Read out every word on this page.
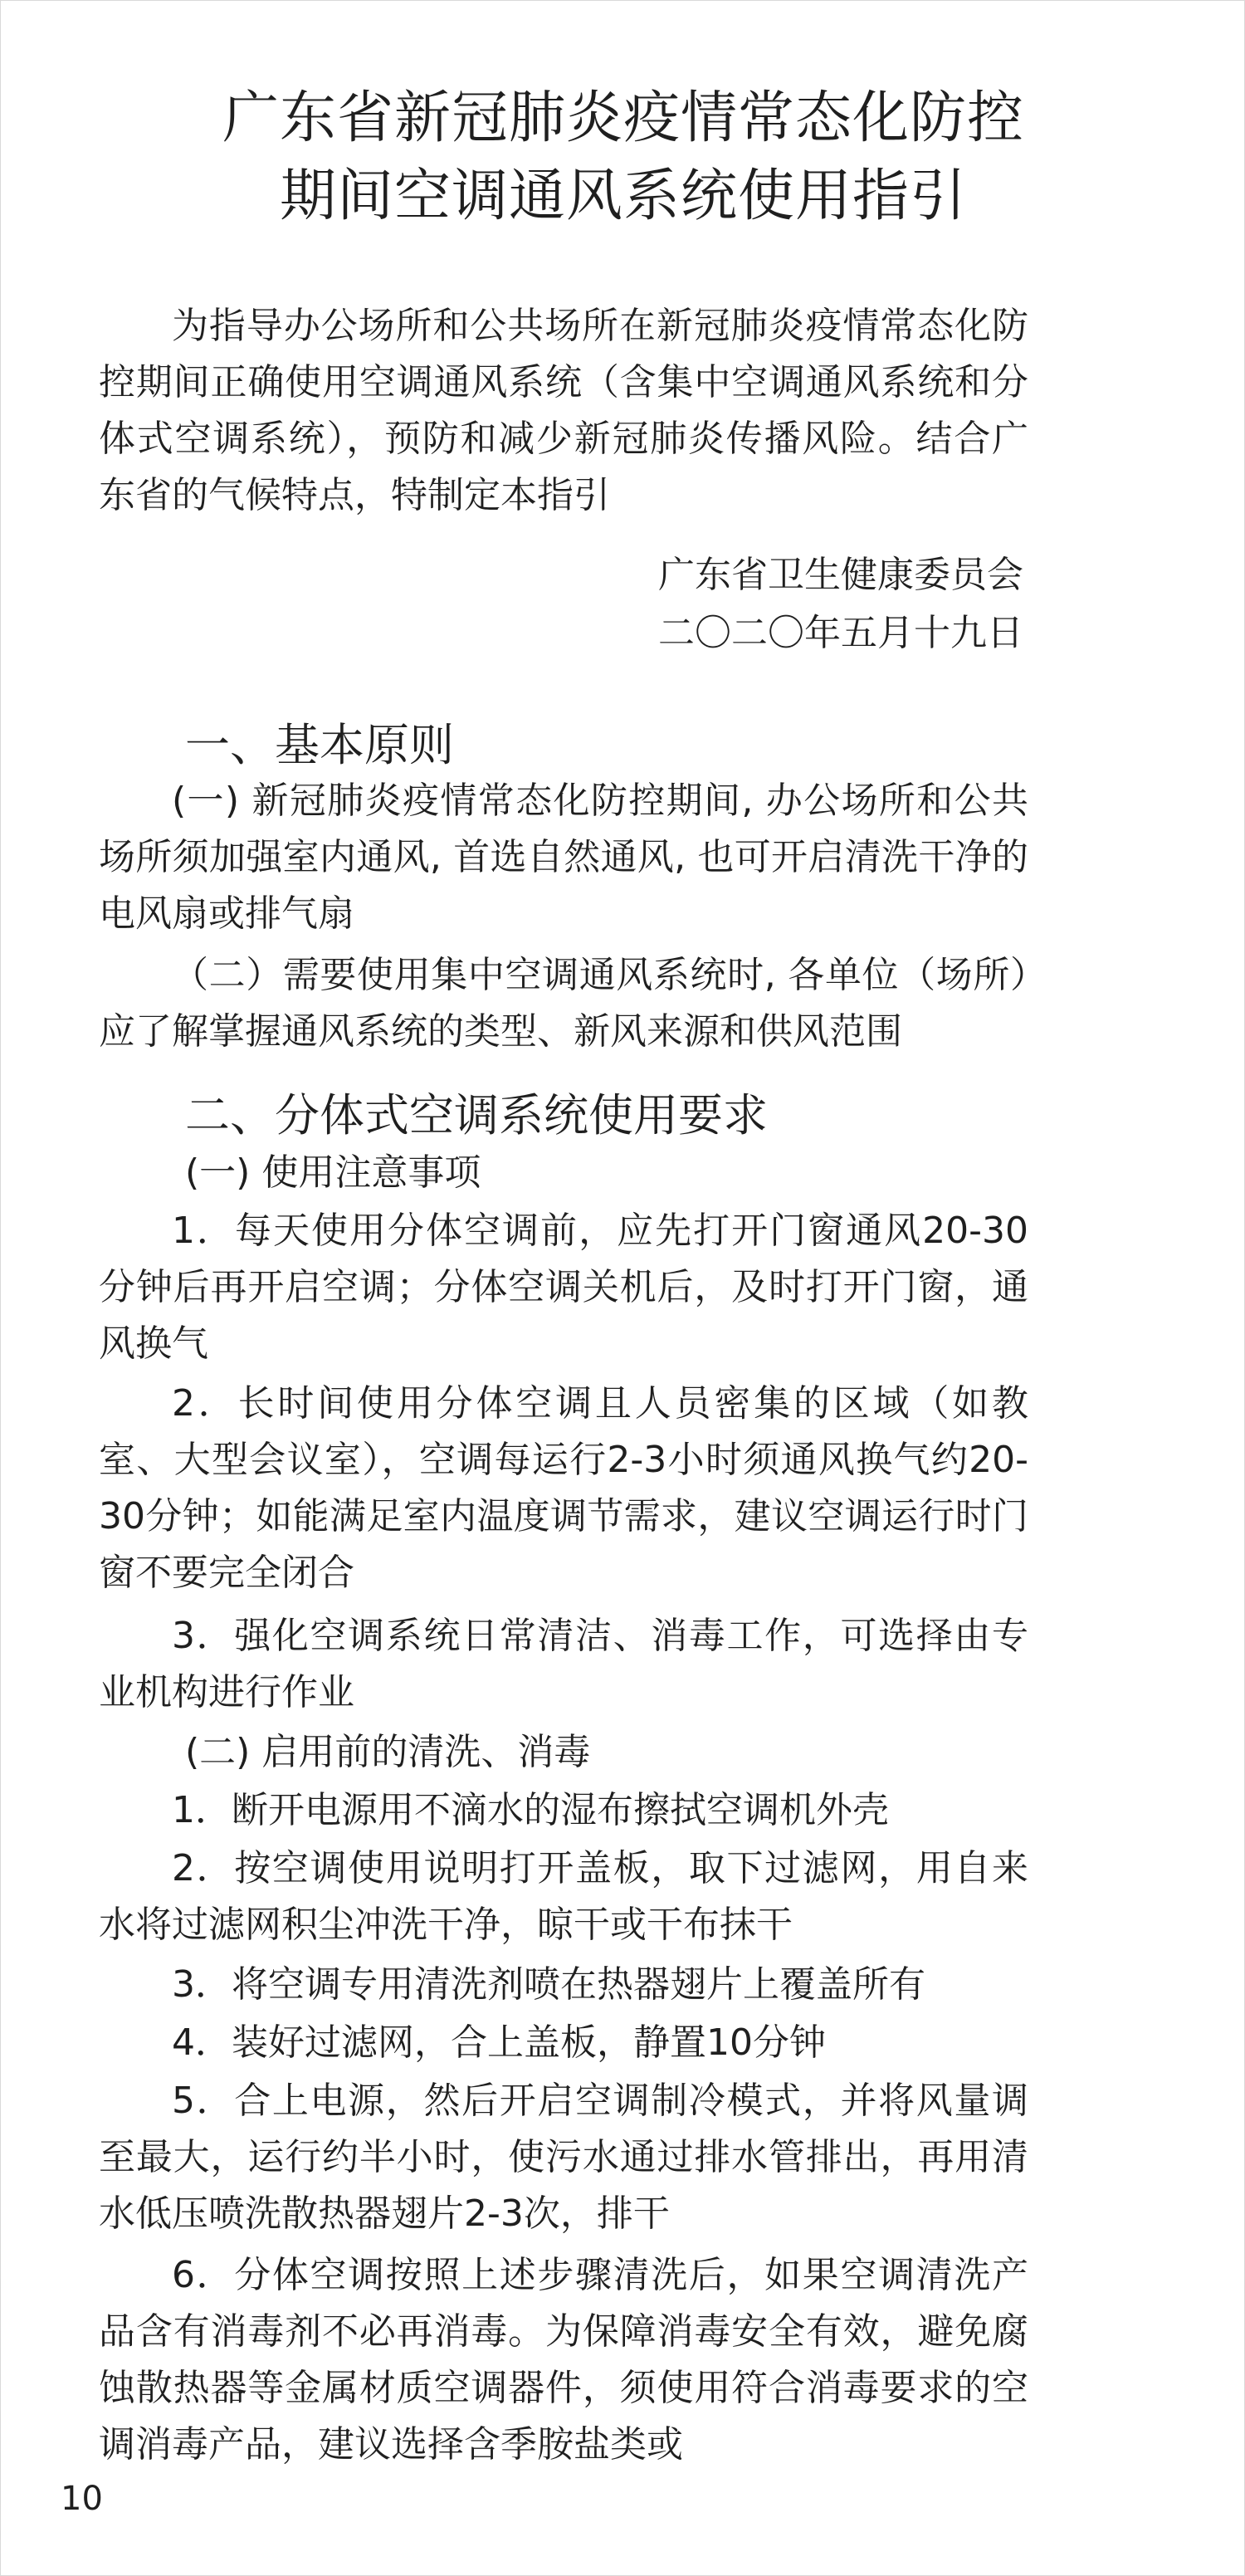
广东省新冠肺炎疫情常态化防控
期间空调通风系统使用指引
为指导办公场所和公共场所在新冠肺炎疫情常态化防控期间正确使用空调通风系统（含集中空调通风系统和分体式空调系统），预防和减少新冠肺炎传播风险。结合广东省的气候特点，特制定本指引
广东省卫生健康委员会
二〇二〇年五月十九日
一、基本原则
(一) 新冠肺炎疫情常态化防控期间, 办公场所和公共场所须加强室内通风, 首选自然通风, 也可开启清洗干净的电风扇或排气扇
（二）需要使用集中空调通风系统时, 各单位（场所）应了解掌握通风系统的类型、新风来源和供风范围
二、分体式空调系统使用要求
(一) 使用注意事项
1．每天使用分体空调前，应先打开门窗通风20-30分钟后再开启空调；分体空调关机后，及时打开门窗，通风换气
2．长时间使用分体空调且人员密集的区域（如教室、大型会议室），空调每运行2-3小时须通风换气约20-30分钟；如能满足室内温度调节需求，建议空调运行时门窗不要完全闭合
3．强化空调系统日常清洁、消毒工作，可选择由专业机构进行作业
(二) 启用前的清洗、消毒
1．断开电源用不滴水的湿布擦拭空调机外壳
2．按空调使用说明打开盖板，取下过滤网，用自来水将过滤网积尘冲洗干净，晾干或干布抹干
3．将空调专用清洗剂喷在热器翅片上覆盖所有
4．装好过滤网，合上盖板，静置10分钟
5．合上电源，然后开启空调制冷模式，并将风量调至最大，运行约半小时，使污水通过排水管排出，再用清水低压喷洗散热器翅片2-3次，排干
6．分体空调按照上述步骤清洗后，如果空调清洗产品含有消毒剂不必再消毒。为保障消毒安全有效，避免腐蚀散热器等金属材质空调器件，须使用符合消毒要求的空调消毒产品，建议选择含季胺盐类或
10
